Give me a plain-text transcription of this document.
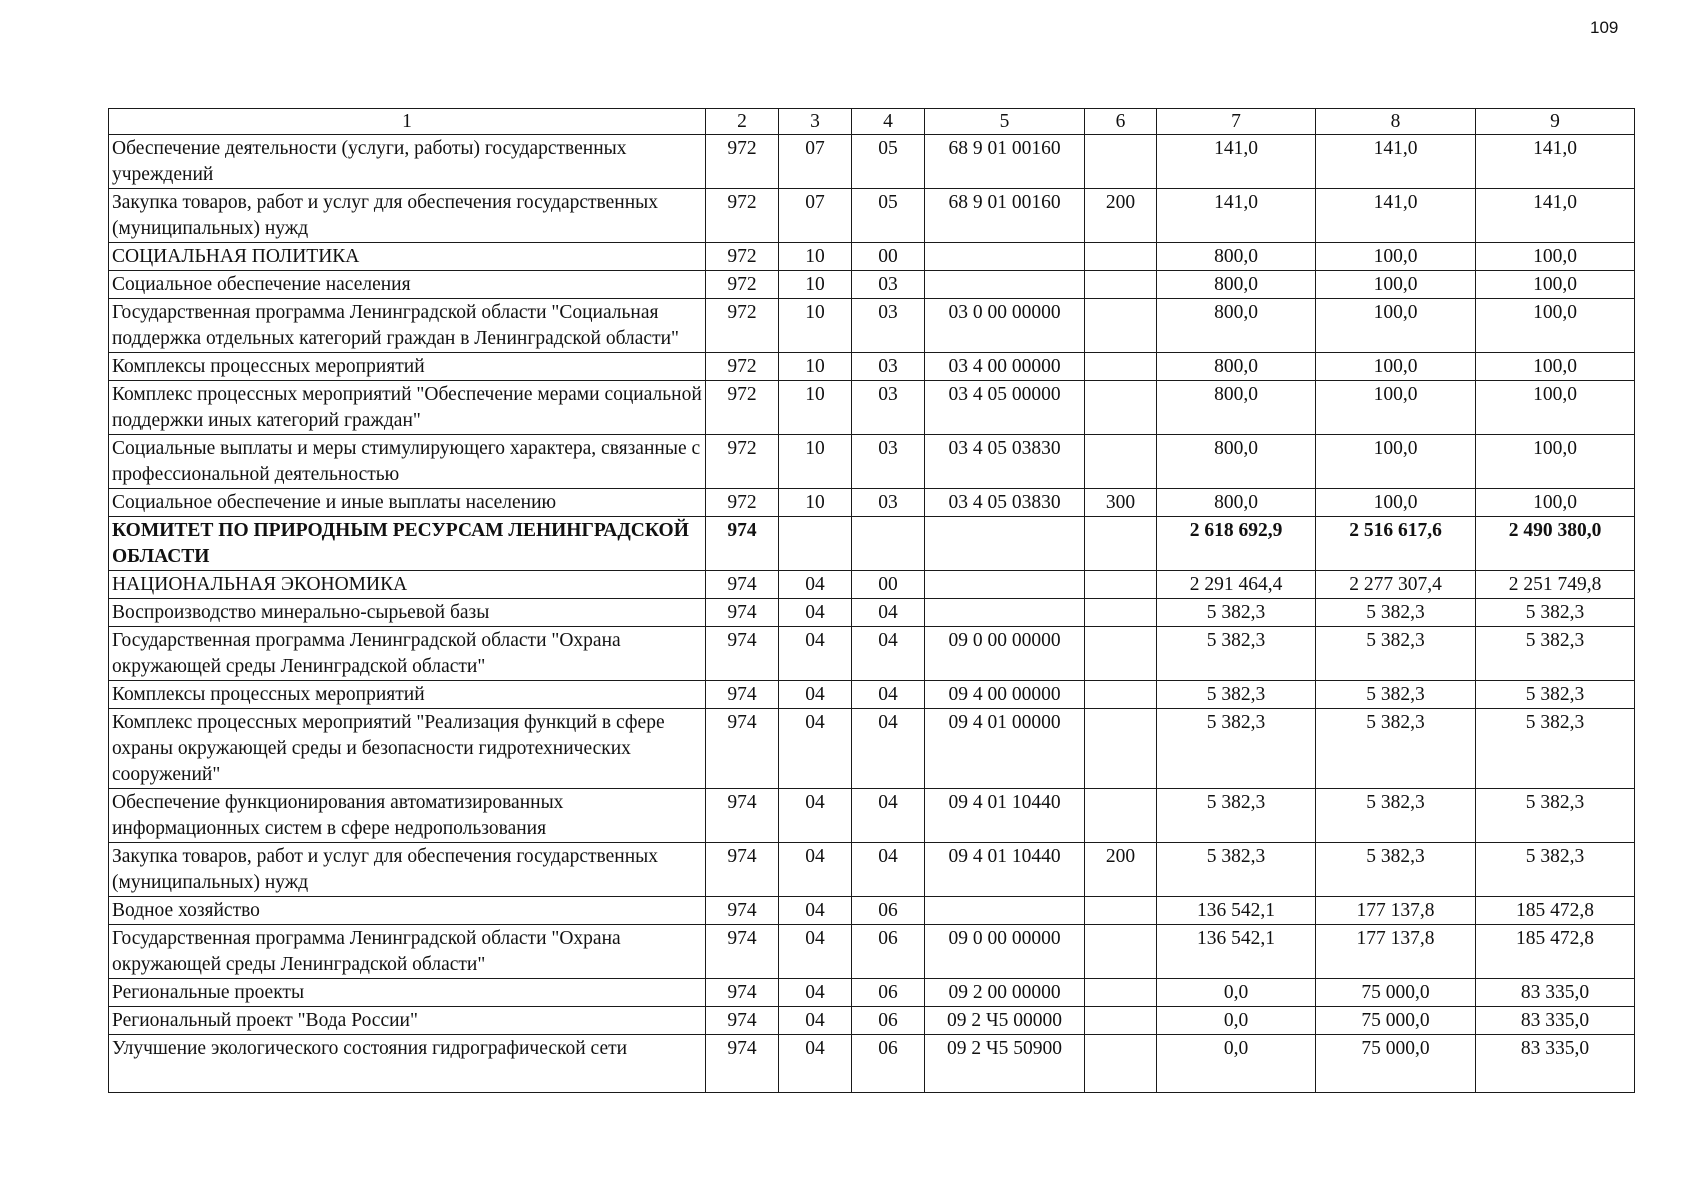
109
1	2	3	4	5	6	7	8	9
Обеспечение деятельности (услуги, работы) государственных учреждений	972	07	05	68 9 01 00160		141,0	141,0	141,0
Закупка товаров, работ и услуг для обеспечения государственных (муниципальных) нужд	972	07	05	68 9 01 00160	200	141,0	141,0	141,0
СОЦИАЛЬНАЯ ПОЛИТИКА	972	10	00			800,0	100,0	100,0
Социальное обеспечение населения	972	10	03			800,0	100,0	100,0
Государственная программа Ленинградской области "Социальная поддержка отдельных категорий граждан в Ленинградской области"	972	10	03	03 0 00 00000		800,0	100,0	100,0
Комплексы процессных мероприятий	972	10	03	03 4 00 00000		800,0	100,0	100,0
Комплекс процессных мероприятий "Обеспечение мерами социальной поддержки иных категорий граждан"	972	10	03	03 4 05 00000		800,0	100,0	100,0
Социальные выплаты и меры стимулирующего характера, связанные с профессиональной деятельностью	972	10	03	03 4 05 03830		800,0	100,0	100,0
Социальное обеспечение и иные выплаты населению	972	10	03	03 4 05 03830	300	800,0	100,0	100,0
КОМИТЕТ ПО ПРИРОДНЫМ РЕСУРСАМ ЛЕНИНГРАДСКОЙ ОБЛАСТИ	974					2 618 692,9	2 516 617,6	2 490 380,0
НАЦИОНАЛЬНАЯ ЭКОНОМИКА	974	04	00			2 291 464,4	2 277 307,4	2 251 749,8
Воспроизводство минерально-сырьевой базы	974	04	04			5 382,3	5 382,3	5 382,3
Государственная программа Ленинградской области "Охрана окружающей среды Ленинградской области"	974	04	04	09 0 00 00000		5 382,3	5 382,3	5 382,3
Комплексы процессных мероприятий	974	04	04	09 4 00 00000		5 382,3	5 382,3	5 382,3
Комплекс процессных мероприятий "Реализация функций в сфере охраны окружающей среды и безопасности гидротехнических сооружений"	974	04	04	09 4 01 00000		5 382,3	5 382,3	5 382,3
Обеспечение функционирования автоматизированных информационных систем в сфере недропользования	974	04	04	09 4 01 10440		5 382,3	5 382,3	5 382,3
Закупка товаров, работ и услуг для обеспечения государственных (муниципальных) нужд	974	04	04	09 4 01 10440	200	5 382,3	5 382,3	5 382,3
Водное хозяйство	974	04	06			136 542,1	177 137,8	185 472,8
Государственная программа Ленинградской области "Охрана окружающей среды Ленинградской области"	974	04	06	09 0 00 00000		136 542,1	177 137,8	185 472,8
Региональные проекты	974	04	06	09 2 00 00000		0,0	75 000,0	83 335,0
Региональный проект "Вода России"	974	04	06	09 2 Ч5 00000		0,0	75 000,0	83 335,0
Улучшение экологического состояния гидрографической сети	974	04	06	09 2 Ч5 50900		0,0	75 000,0	83 335,0
